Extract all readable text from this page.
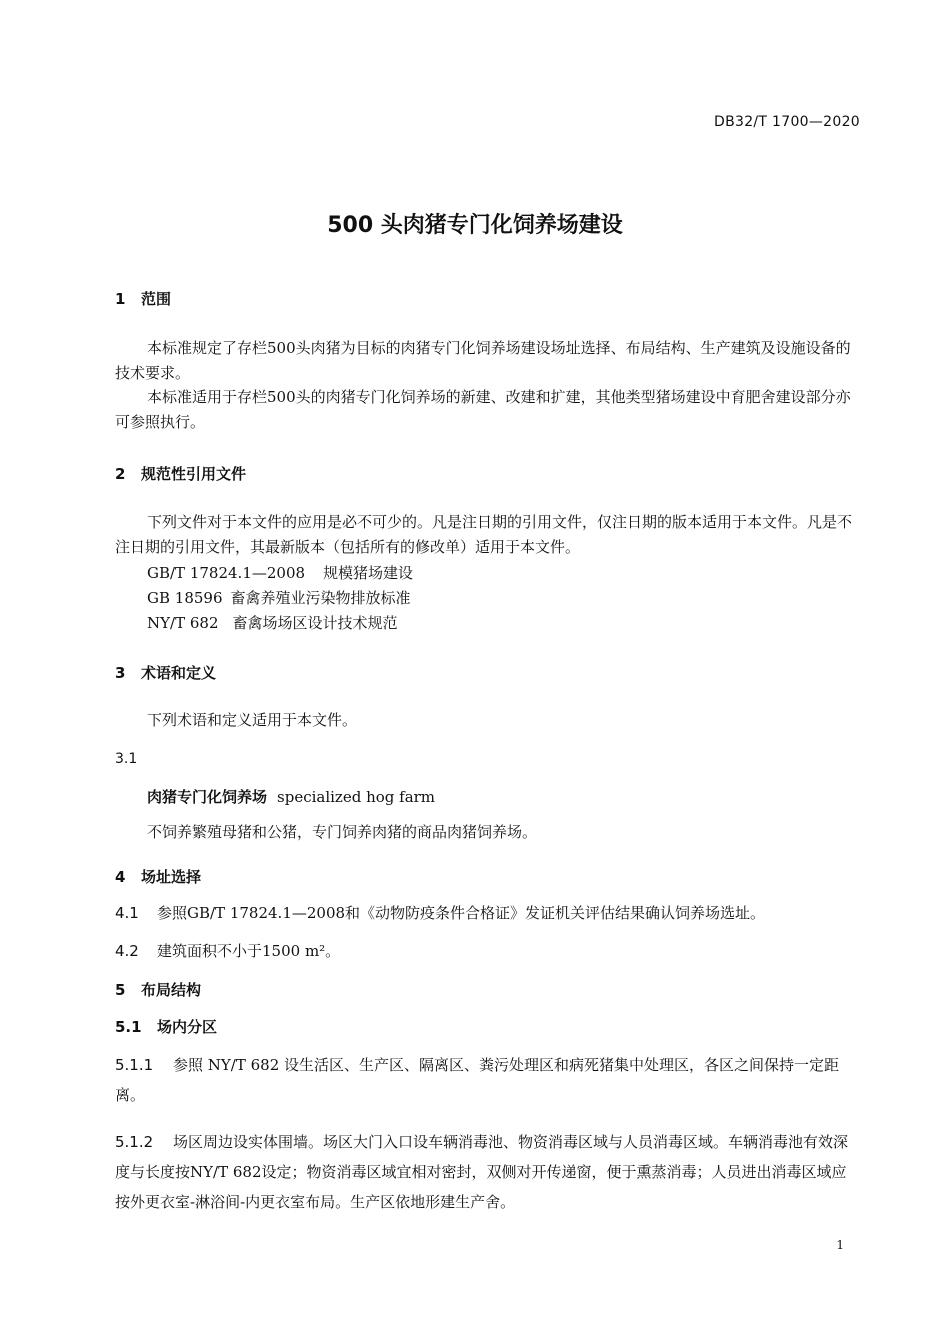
DB32/T 1700—2020
500 头肉猪专门化饲养场建设
1 范围
本标准规定了存栏500头肉猪为目标的肉猪专门化饲养场建设场址选择、布局结构、生产建筑及设施设备的技术要求。
本标准适用于存栏500头的肉猪专门化饲养场的新建、改建和扩建，其他类型猪场建设中育肥舍建设部分亦可参照执行。
2 规范性引用文件
下列文件对于本文件的应用是必不可少的。凡是注日期的引用文件，仅注日期的版本适用于本文件。凡是不注日期的引用文件，其最新版本（包括所有的修改单）适用于本文件。
GB/T 17824.1—2008 规模猪场建设
GB 18596 畜禽养殖业污染物排放标准
NY/T 682 畜禽场场区设计技术规范
3 术语和定义
下列术语和定义适用于本文件。
3.1
肉猪专门化饲养场 specialized hog farm
不饲养繁殖母猪和公猪，专门饲养肉猪的商品肉猪饲养场。
4 场址选择
4.1 参照GB/T 17824.1—2008和《动物防疫条件合格证》发证机关评估结果确认饲养场选址。
4.2 建筑面积不小于1500 m²。
5 布局结构
5.1 场内分区
5.1.1 参照 NY/T 682 设生活区、生产区、隔离区、粪污处理区和病死猪集中处理区，各区之间保持一定距离。
5.1.2 场区周边设实体围墙。场区大门入口设车辆消毒池、物资消毒区域与人员消毒区域。车辆消毒池有效深度与长度按NY/T 682设定；物资消毒区域宜相对密封，双侧对开传递窗，便于熏蒸消毒；人员进出消毒区域应按外更衣室-淋浴间-内更衣室布局。生产区依地形建生产舍。
1
